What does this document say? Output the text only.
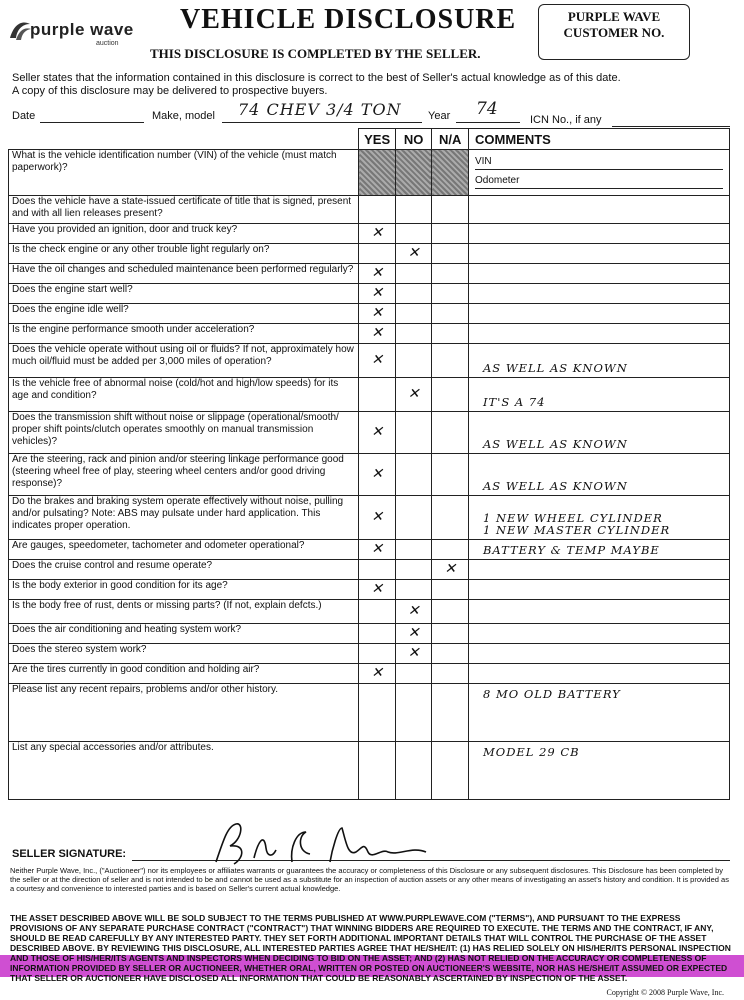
purple wave
auction
VEHICLE DISCLOSURE
THIS DISCLOSURE IS COMPLETED BY THE SELLER.
PURPLE WAVE CUSTOMER NO.
Seller states that the information contained in this disclosure is correct to the best of Seller's actual knowledge as of this date.
A copy of this disclosure may be delivered to prospective buyers.
Date	Make, model 74 CHEV 3/4 TON Year 74
ICN No., if any
	YES	NO	N/A	COMMENTS
What is the vehicle identification number (VIN) of the vehicle (must match paperwork)?				VIN
Odometer

Does the vehicle have a state-issued certificate of title that is signed, present and with all lien releases present?				
Have you provided an ignition, door and truck key?	✕			
Is the check engine or any other trouble light regularly on?		✕		
Have the oil changes and scheduled maintenance been performed regularly?	✕			
Does the engine start well?	✕			
Does the engine idle well?	✕			
Is the engine performance smooth under acceleration?	✕			
Does the vehicle operate without using oil or fluids? If not, approximately how much oil/fluid must be added per 3,000 miles of operation?	✕			AS WELL AS KNOWN

Is the vehicle free of abnormal noise (cold/hot and high/low speeds) for its age and condition?		✕		IT'S A 74

Does the transmission shift without noise or slippage (operational/smooth/ proper shift points/clutch operates smoothly on manual transmission vehicles)?	✕			AS WELL AS KNOWN

Are the steering, rack and pinion and/or steering linkage performance good (steering wheel free of play, steering wheel centers and/or good driving response)?	✕			AS WELL AS KNOWN

Do the brakes and braking system operate effectively without noise, pulling and/or pulsating? Note: ABS may pulsate under hard application. This indicates proper operation.	✕			1 NEW WHEEL CYLINDER
1 NEW MASTER CYLINDER

Are gauges, speedometer, tachometer and odometer operational?	✕			BATTERY & TEMP MAYBE

Does the cruise control and resume operate?			✕	
Is the body exterior in good condition for its age?	✕			
Is the body free of rust, dents or missing parts? (If not, explain defcts.)		✕		
Does the air conditioning and heating system work?		✕		
Does the stereo system work?		✕		
Are the tires currently in good condition and holding air?	✕			
Please list any recent repairs, problems and/or other history.				8 MO OLD BATTERY

List any special accessories and/or attributes.				MODEL 29 CB
SELLER SIGNATURE:
Neither Purple Wave, Inc., ("Auctioneer") nor its employees or affiliates warrants or guarantees the accuracy or completeness of this Disclosure or any subsequent disclosures. This Disclosure has been completed by the seller or at the direction of seller and is not intended to be and cannot be used as a substitute for an inspection of auction assets or any other means of investigating an asset's history and condition. It is provided as a courtesy and convenience to interested parties and is based on Seller's current actual knowledge.
THE ASSET DESCRIBED ABOVE WILL BE SOLD SUBJECT TO THE TERMS PUBLISHED AT WWW.PURPLEWAVE.COM ("TERMS"), AND PURSUANT TO THE EXPRESS PROVISIONS OF ANY SEPARATE PURCHASE CONTRACT ("CONTRACT") THAT WINNING BIDDERS ARE REQUIRED TO EXECUTE. THE TERMS AND THE CONTRACT, IF ANY, SHOULD BE READ CAREFULLY BY ANY INTERESTED PARTY. THEY SET FORTH ADDITIONAL IMPORTANT DETAILS THAT WILL CONTROL THE PURCHASE OF THE ASSET DESCRIBED ABOVE. BY REVIEWING THIS DISCLOSURE, ALL INTERESTED PARTIES AGREE THAT HE/SHE/IT: (1) HAS RELIED SOLELY ON HIS/HER/ITS PERSONAL INSPECTION AND THOSE OF HIS/HER/ITS AGENTS AND INSPECTORS WHEN DECIDING TO BID ON THE ASSET; AND (2) HAS NOT RELIED ON THE ACCURACY OR COMPLETENESS OF INFORMATION PROVIDED BY SELLER OR AUCTIONEER, WHETHER ORAL, WRITTEN OR POSTED ON AUCTIONEER'S WEBSITE, NOR HAS HE/SHE/IT ASSUMED OR EXPECTED THAT SELLER OR AUCTIONEER HAVE DISCLOSED ALL INFORMATION THAT COULD BE REASONABLY ASCERTAINED BY INSPECTION OF THE ASSET.
Copyright © 2008 Purple Wave, Inc.
